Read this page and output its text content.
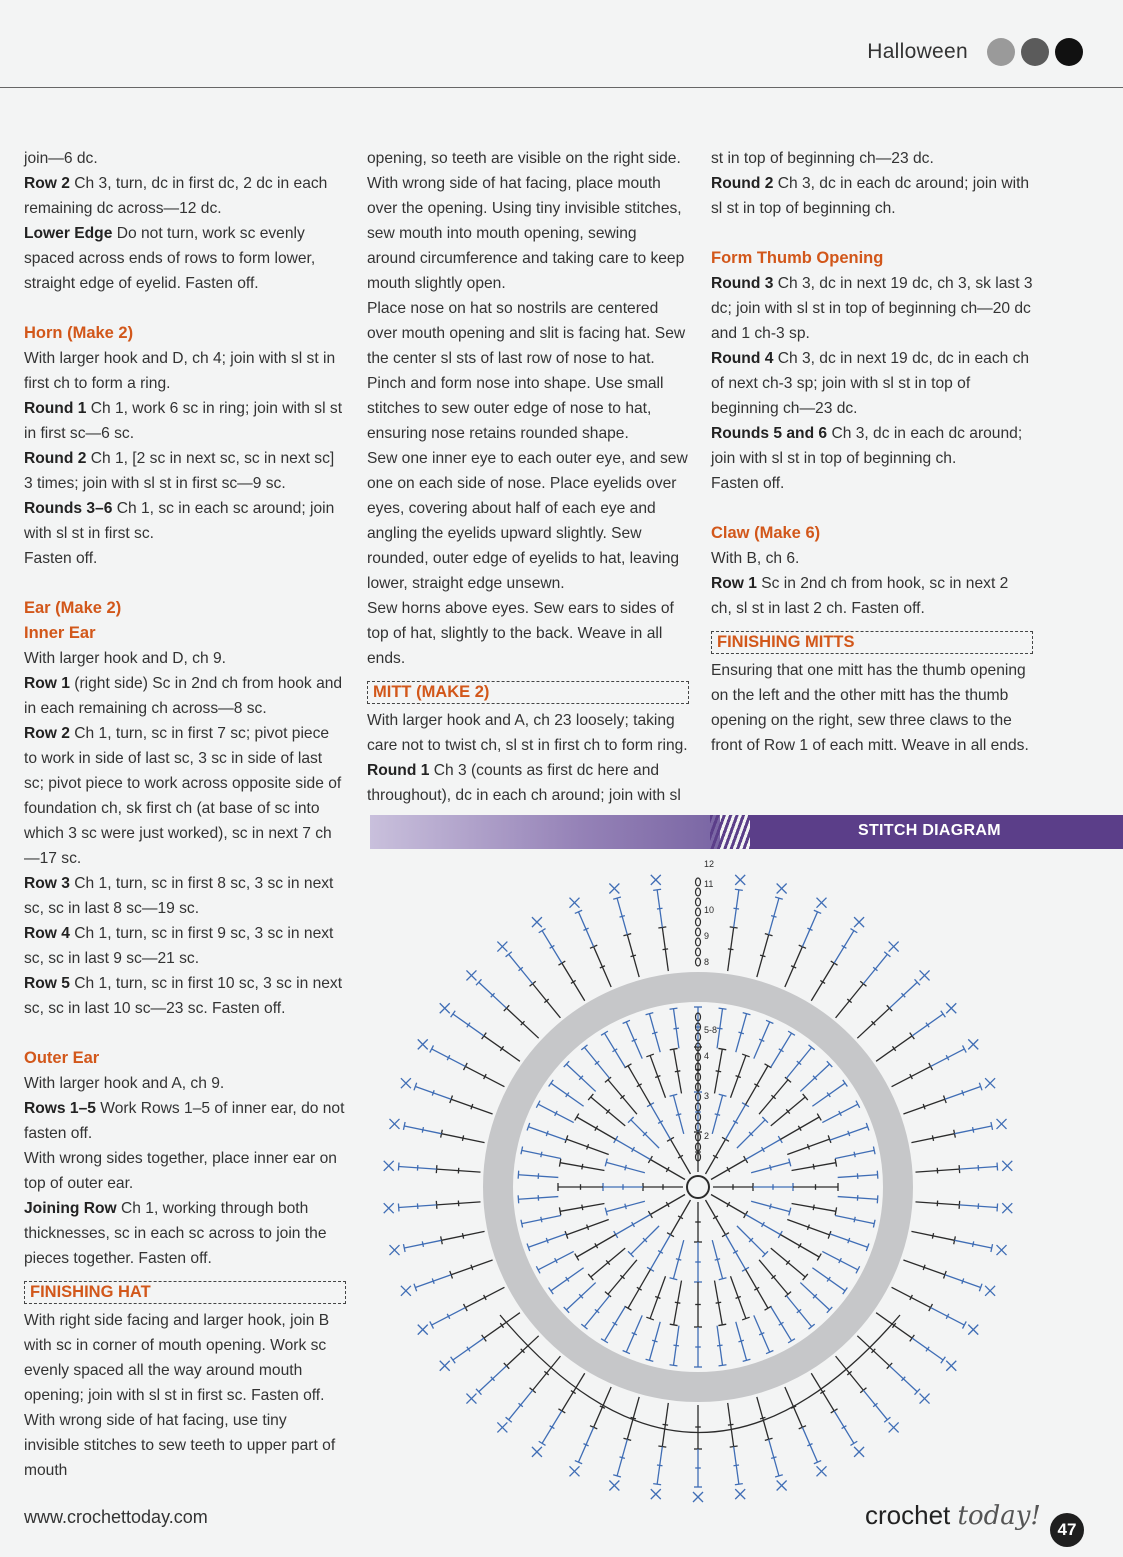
Halloween

join—6 dc.

Row 2 Ch 3, turn, dc in first dc, 2 dc in each remaining dc across—12 dc.

Lower Edge Do not turn, work sc evenly spaced across ends of rows to form lower, straight edge of eyelid. Fasten off.

Horn (Make 2)

With larger hook and D, ch 4; join with sl st in first ch to form a ring.

Round 1 Ch 1, work 6 sc in ring; join with sl st in first sc—6 sc.

Round 2 Ch 1, [2 sc in next sc, sc in next sc] 3 times; join with sl st in first sc—9 sc.

Rounds 3–6 Ch 1, sc in each sc around; join with sl st in first sc.

Fasten off.

Ear (Make 2)

Inner Ear

With larger hook and D, ch 9.

Row 1 (right side) Sc in 2nd ch from hook and in each remaining ch across—8 sc.

Row 2 Ch 1, turn, sc in first 7 sc; pivot piece to work in side of last sc, 3 sc in side of last sc; pivot piece to work across opposite side of foundation ch, sk first ch (at base of sc into which 3 sc were just worked), sc in next 7 ch—17 sc.

Row 3 Ch 1, turn, sc in first 8 sc, 3 sc in next sc, sc in last 8 sc—19 sc.

Row 4 Ch 1, turn, sc in first 9 sc, 3 sc in next sc, sc in last 9 sc—21 sc.

Row 5 Ch 1, turn, sc in first 10 sc, 3 sc in next sc, sc in last 10 sc—23 sc. Fasten off.

Outer Ear

With larger hook and A, ch 9.

Rows 1–5 Work Rows 1–5 of inner ear, do not fasten off.

With wrong sides together, place inner ear on top of outer ear.

Joining Row Ch 1, working through both thicknesses, sc in each sc across to join the pieces together. Fasten off.

FINISHING HAT

With right side facing and larger hook, join B with sc in corner of mouth opening. Work sc evenly spaced all the way around mouth opening; join with sl st in first sc. Fasten off.

With wrong side of hat facing, use tiny invisible stitches to sew teeth to upper part of mouth

opening, so teeth are visible on the right side. With wrong side of hat facing, place mouth over the opening. Using tiny invisible stitches, sew mouth into mouth opening, sewing around circumference and taking care to keep mouth slightly open.

Place nose on hat so nostrils are centered over mouth opening and slit is facing hat. Sew the center sl sts of last row of nose to hat. Pinch and form nose into shape. Use small stitches to sew outer edge of nose to hat, ensuring nose retains rounded shape.

Sew one inner eye to each outer eye, and sew one on each side of nose. Place eyelids over eyes, covering about half of each eye and angling the eyelids upward slightly. Sew rounded, outer edge of eyelids to hat, leaving lower, straight edge unsewn.

Sew horns above eyes. Sew ears to sides of top of hat, slightly to the back. Weave in all ends.

MITT (MAKE 2)

With larger hook and A, ch 23 loosely; taking care not to twist ch, sl st in first ch to form ring.

Round 1 Ch 3 (counts as first dc here and throughout), dc in each ch around; join with sl

st in top of beginning ch—23 dc.

Round 2 Ch 3, dc in each dc around; join with sl st in top of beginning ch.

Form Thumb Opening

Round 3 Ch 3, dc in next 19 dc, ch 3, sk last 3 dc; join with sl st in top of beginning ch—20 dc and 1 ch-3 sp.

Round 4 Ch 3, dc in next 19 dc, dc in each ch of next ch-3 sp; join with sl st in top of beginning ch—23 dc.

Rounds 5 and 6 Ch 3, dc in each dc around; join with sl st in top of beginning ch.

Fasten off.

Claw (Make 6)

With B, ch 6.

Row 1 Sc in 2nd ch from hook, sc in next 2 ch, sl st in last 2 ch. Fasten off.

FINISHING MITTS

Ensuring that one mitt has the thumb opening on the left and the other mitt has the thumb opening on the right, sew three claws to the front of Row 1 of each mitt. Weave in all ends.

STITCH DIAGRAM
2
3
4
5-8
8
9
10
11
12
www.crochettoday.com	crochet today! 47
